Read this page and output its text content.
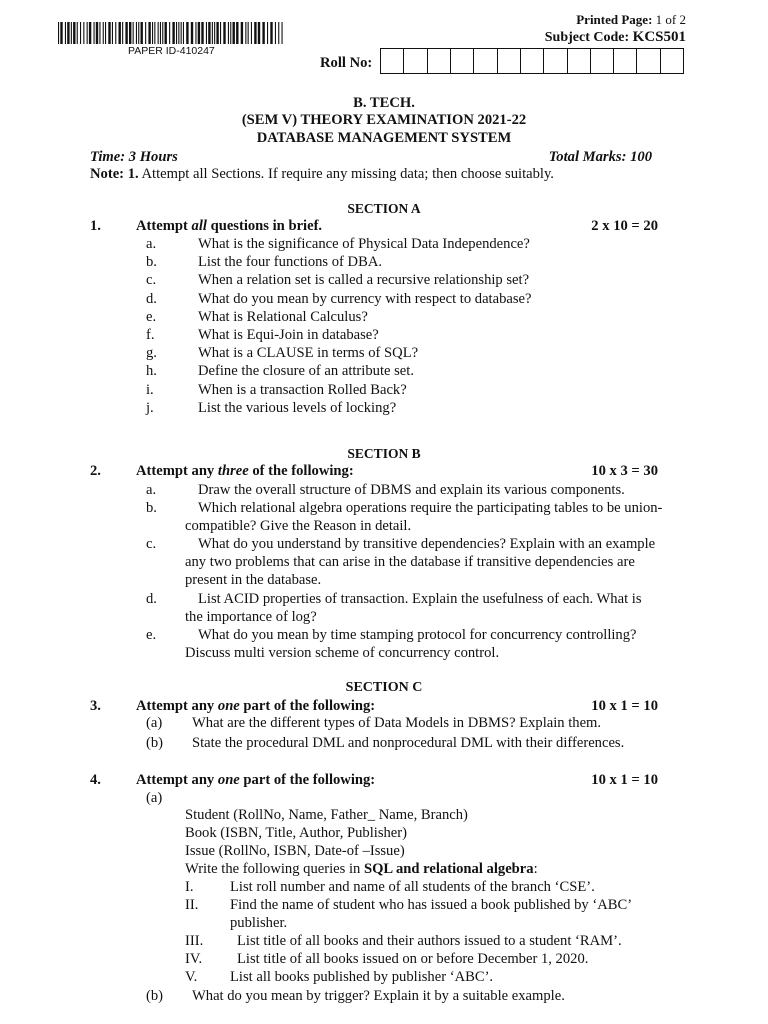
PAPER ID-410247
Printed Page: 1 of 2
Subject Code: KCS501
Roll No:
B. TECH.
(SEM V) THEORY EXAMINATION 2021-22
DATABASE MANAGEMENT SYSTEM
Time: 3 Hours	Total Marks: 100
Note: 1. Attempt all Sections. If require any missing data; then choose suitably.
SECTION A
1. Attempt all questions in brief.	2 x 10 = 20
a.	What is the significance of Physical Data Independence?
b.	List the four functions of DBA.
c.	When a relation set is called a recursive relationship set?
d.	What do you mean by currency with respect to database?
e.	What is Relational Calculus?
f.	What is Equi-Join in database?
g.	What is a CLAUSE in terms of SQL?
h.	Define the closure of an attribute set.
i.	When is a transaction Rolled Back?
j.	List the various levels of locking?
SECTION B
2. Attempt any three of the following:	10 x 3 = 30
a.	Draw the overall structure of DBMS and explain its various components.
b.	Which relational algebra operations require the participating tables to be union-
compatible? Give the Reason in detail.
c.	What do you understand by transitive dependencies? Explain with an example
any two problems that can arise in the database if transitive dependencies are
present in the database.
d.	List ACID properties of transaction. Explain the usefulness of each. What is
the importance of log?
e.	What do you mean by time stamping protocol for concurrency controlling?
Discuss multi version scheme of concurrency control.
SECTION C
3. Attempt any one part of the following:	10 x 1 = 10
(a) What are the different types of Data Models in DBMS? Explain them.
(b) State the procedural DML and nonprocedural DML with their differences.
4. Attempt any one part of the following:	10 x 1 = 10
(a)
Student (RollNo, Name, Father_ Name, Branch)
Book (ISBN, Title, Author, Publisher)
Issue (RollNo, ISBN, Date-of –Issue)
Write the following queries in SQL and relational algebra:
I. List roll number and name of all students of the branch ‘CSE’.
II. Find the name of student who has issued a book published by ‘ABC’
publisher.
III. List title of all books and their authors issued to a student ‘RAM’.
IV. List title of all books issued on or before December 1, 2020.
V. List all books published by publisher ‘ABC’.
(b) What do you mean by trigger? Explain it by a suitable example.
